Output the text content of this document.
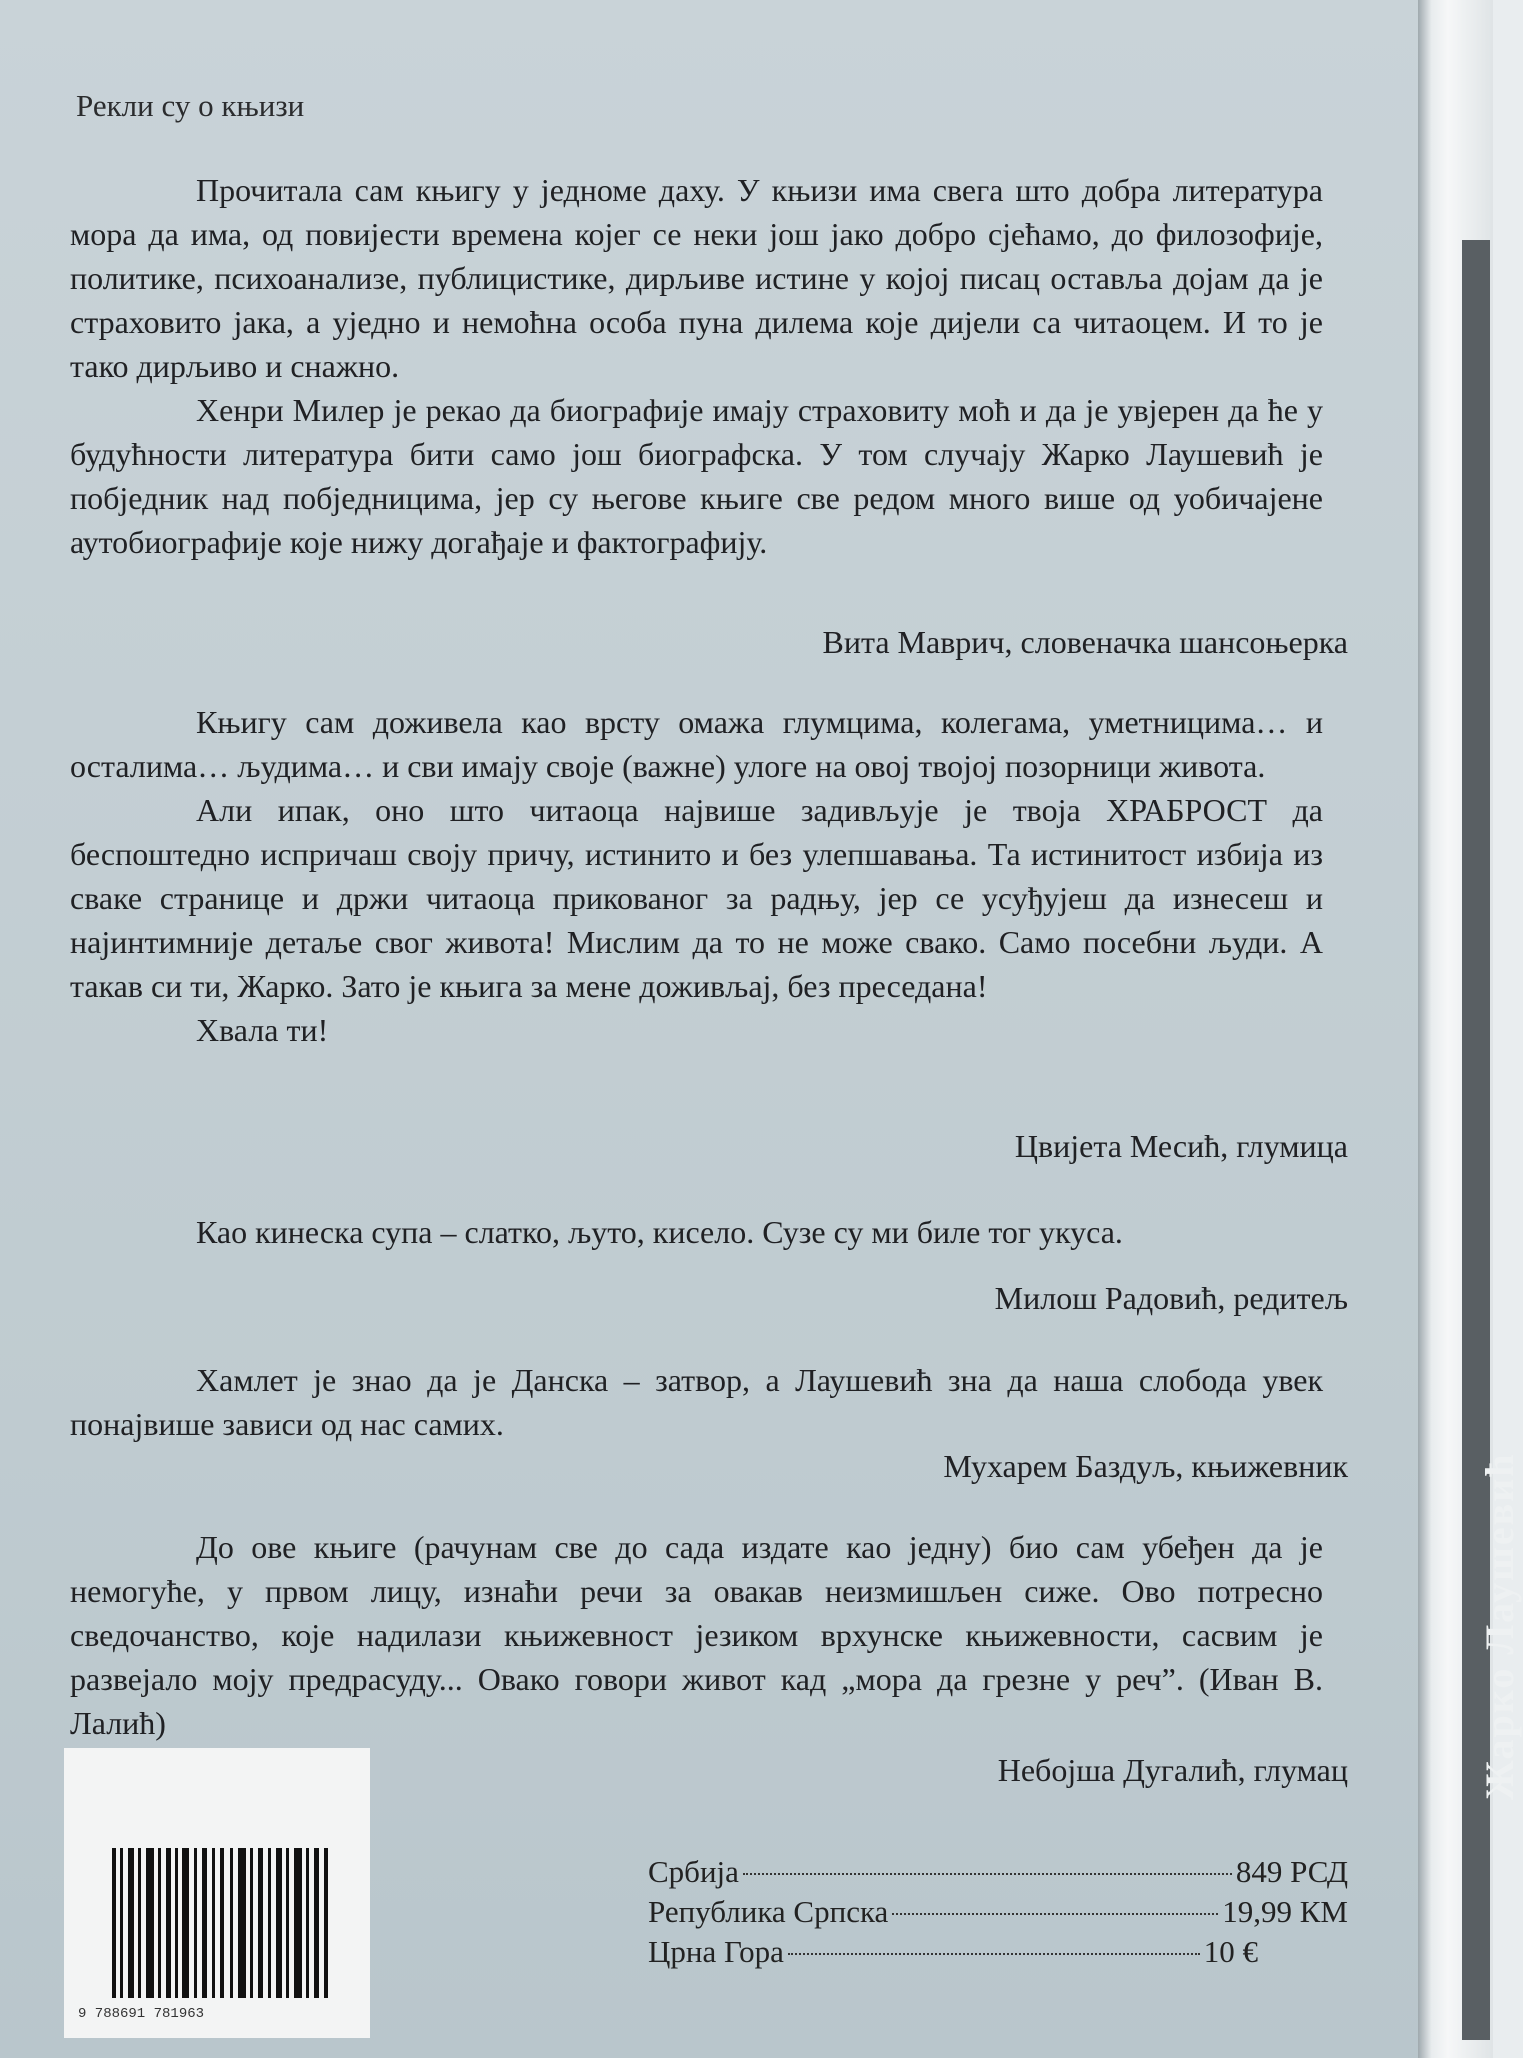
Жарко Лаушевић
Рекли су о књизи

Прочитала сам књигу у једноме даху. У књизи има свега што добра литература мора да има, од повијести времена којег се неки још јако добро сјећамо, до филозофије, политике, психоанализе, публицистике, дирљиве истине у којој писац оставља дојам да је страховито јака, а уједно и немоћна особа пуна дилема које дијели са читаоцем. И то је тако дирљиво и снажно.

Хенри Милер је рекао да биографије имају страховиту моћ и да је увјерен да ће у будућности литература бити само још биографска. У том случају Жарко Лаушевић је побједник над побједницима, јер су његове књиге све редом много више од уобичајене аутобиографије које нижу догађаје и фактографију.

Вита Маврич, словеначка шансоњерка

Књигу сам доживела као врсту омажа глумцима, колегама, уметницима… и осталима… људима… и сви имају своје (важне) улоге на овој твојој позорници живота.

Али ипак, оно што читаоца највише задивљује је твоја ХРАБРОСТ да беспоштедно испричаш своју причу, истинито и без улепшавања. Та истинитост избија из сваке странице и држи читаоца прикованог за радњу, јер се усуђујеш да изнесеш и најинтимније детаље свог живота! Мислим да то не може свако. Само посебни људи. А такав си ти, Жарко. Зато је књига за мене доживљај, без преседана!

Хвала ти!

Цвијета Месић, глумица

Као кинеска супа – слатко, љуто, кисело. Сузе су ми биле тог укуса.

Милош Радовић, редитељ

Хамлет је знао да је Данска – затвор, а Лаушевић зна да наша слобода увек понајвише зависи од нас самих.

Мухарем Баздуљ, књижевник

До ове књиге (рачунам све до сада издате као једну) био сам убеђен да је немогуће, у првом лицу, изнаћи речи за овакав неизмишљен сиже. Ово потресно сведочанство, које надилази књижевност језиком врхунске књижевности, сасвим је развејало моју предрасуду... Овако говори живот кад „мора да грезне у реч”. (Иван В. Лалић)

Небојша Дугалић, глумац
9 788691 781963
Србија	849 РСД
Република Српска	19,99 КМ
Црна Гора	10 €
